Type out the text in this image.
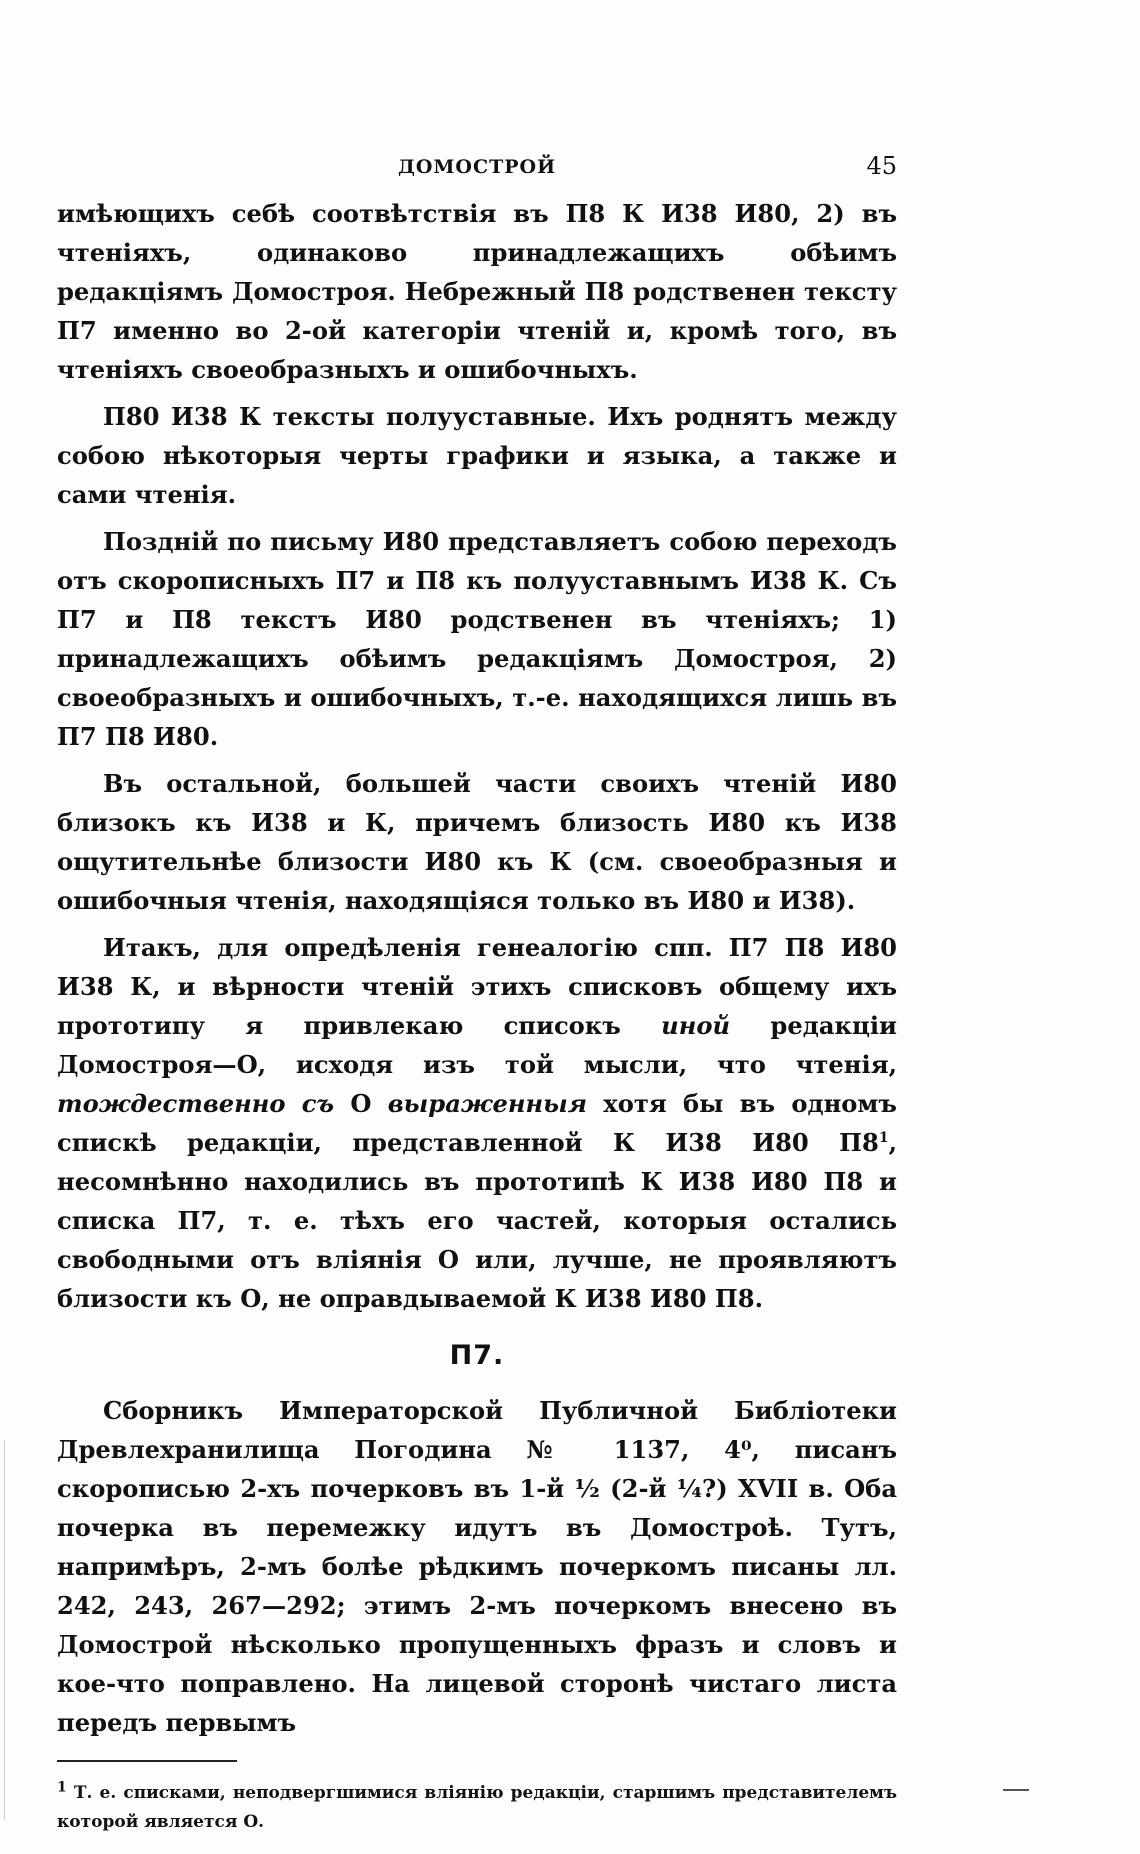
ДОМОСТРОЙ	45

имѣющихъ себѣ соотвѣтствія въ П8 К И38 И80, 2) въ чтеніяхъ, одинаково принадлежащихъ обѣимъ редакціямъ Домостроя. Небрежный П8 родственен текcту П7 именно во 2-ой категоріи чтеній и, кромѣ того, въ чтеніяхъ своеобразныхъ и ошибочныхъ.

П80 И38 К тексты полууставные. Ихъ роднятъ между собою нѣкоторыя черты графики и языка, а также и сами чтенія.

Поздній по письму И80 представляетъ собою переходъ отъ скорописныхъ П7 и П8 къ полууставнымъ И38 К. Съ П7 и П8 текстъ И80 родственен въ чтеніяхъ; 1) принадлежащихъ обѣимъ редакціямъ Домостроя, 2) своеобразныхъ и ошибочныхъ, т.-е. находящихся лишь въ П7 П8 И80.

Въ остальной, большей части своихъ чтеній И80 близокъ къ И38 и К, причемъ близость И80 къ И38 ощутительнѣе близости И80 къ К (см. своеобразныя и ошибочныя чтенія, находящіяся только въ И80 и И38).

Итакъ, для опредѣленія генеалогію спп. П7 П8 И80 И38 К, и вѣрности чтеній этихъ списковъ общему ихъ прототипу я привлекаю списокъ иной редакціи Домостроя—О, исходя изъ той мысли, что чтенія, тождественно съ О выраженныя хотя бы въ одномъ спискѣ редакціи, представленной К И38 И80 $П8^1$, несомнѣнно находились въ прототипѣ К И38 И80 П8 и списка П7, т. е. тѣхъ его частей, которыя остались свободными отъ вліянія О или, лучше, не проявляютъ близости къ О, не оправдываемой К И38 И80 П8.

П7.

Сборникъ Императорской Публичной Библіотеки Древлехранилища Погодина № 1137, 4⁰, писанъ скорописью 2-хъ почерковъ въ 1-й ½ (2-й ¼?) XVII в. Оба почерка въ перемежку идутъ въ Домостроѣ. Тутъ, напримѣръ, 2-мъ болѣе рѣдкимъ почеркомъ писаны лл. 242, 243, 267—292; этимъ 2-мъ почеркомъ внесено въ Домострой нѣсколько пропущенныхъ фразъ и словъ и кое-что поправлено. На лицевой сторонѣ чистаго листа передъ первымъ

$^1$ Т. е. списками, неподвергшимися вліянію редакціи, старшимъ представителемъ которой является О.
